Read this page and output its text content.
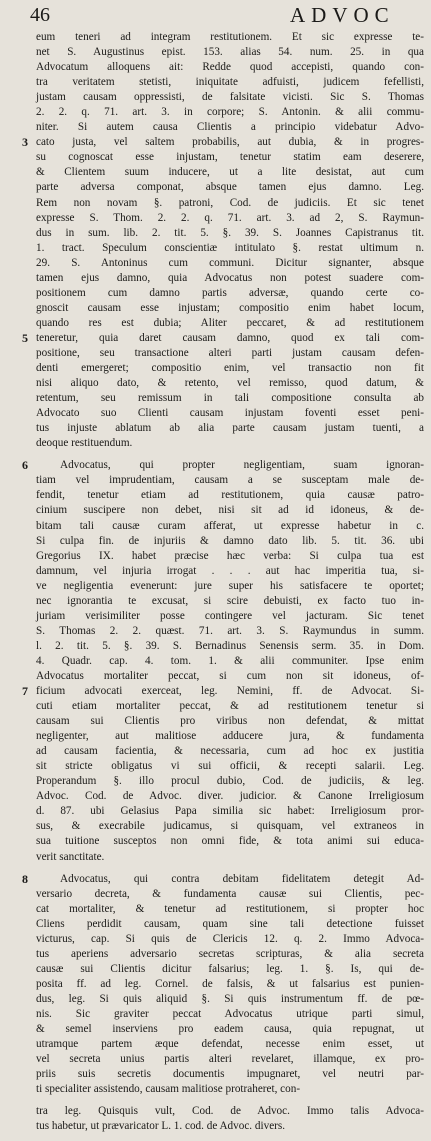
46	ADVOC
eum teneri ad integram restitutionem. Et sic expresse te-
net S. Augustinus epist. 153. alias 54. num. 25. in qua
Advocatum alloquens ait: Redde quod accepisti, quando con-
tra veritatem stetisti, iniquitate adfuisti, judicem fefellisti,
justam causam oppressisti, de falsitate vicisti. Sic S. Thomas
2. 2. q. 71. art. 3. in corpore; S. Antonin. & alii commu-
niter. Si autem causa Clientis a principio videbatur Advo-
3 cato justa, vel saltem probabilis, aut dubia, & in progres-
su cognoscat esse injustam, tenetur statim eam deserere,
& Clientem suum inducere, ut a lite desistat, aut cum
parte adversa componat, absque tamen ejus damno. Leg.
Rem non novam §. patroni, Cod. de judiciis. Et sic tenet
expresse S. Thom. 2. 2. q. 71. art. 3. ad 2, S. Raymun-
dus in sum. lib. 2. tit. 5. §. 39. S. Joannes Capistranus tit.
1. tract. Speculum conscientiæ intitulato §. restat ultimum n.
29. S. Antoninus cum communi. Dicitur signanter, absque
tamen ejus damno, quia Advocatus non potest suadere com-
positionem cum damno partis adversæ, quando certe co-
gnoscit causam esse injustam; compositio enim habet locum,
quando res est dubia; Aliter peccaret, & ad restitutionem
5 teneretur, quia daret causam damno, quod ex tali com-
positione, seu transactione alteri parti justam causam defen-
denti emergeret; compositio enim, vel transactio non fit
nisi aliquo dato, & retento, vel remisso, quod datum, &
retentum, seu remissum in tali compositione consulta ab
Advocato suo Clienti causam injustam foventi esset peni-
tus injuste ablatum ab alia parte causam justam tuenti, a
deoque restituendum.
6	Advocatus, qui propter negligentiam, suam ignoran-
tiam vel imprudentiam, causam a se susceptam male de-
fendit, tenetur etiam ad restitutionem, quia causæ patro-
cinium suscipere non debet, nisi sit ad id idoneus, & de-
bitam tali causæ curam afferat, ut expresse habetur in c.
Si culpa fin. de injuriis & damno dato lib. 5. tit. 36. ubi
Gregorius IX. habet præcise hæc verba: Si culpa tua est
damnum, vel injuria irrogat . . . aut hac imperitia tua, si-
ve negligentia evenerunt: jure super his satisfacere te oportet;
nec ignorantia te excusat, si scire debuisti, ex facto tuo in-
juriam verisimiliter posse contingere vel jacturam. Sic tenet
S. Thomas 2. 2. quæst. 71. art. 3. S. Raymundus in summ.
l. 2. tit. 5. §. 39. S. Bernadinus Senensis serm. 35. in Dom.
4. Quadr. cap. 4. tom. 1. & alii communiter. Ipse enim
Advocatus mortaliter peccat, si cum non sit idoneus, of-
7 ficium advocati exerceat, leg. Nemini, ff. de Advocat. Si-
cuti etiam mortaliter peccat, & ad restitutionem tenetur si
causam sui Clientis pro viribus non defendat, & mittat
negligenter, aut malitiose adducere jura, & fundamenta
ad causam facientia, & necessaria, cum ad hoc ex justitia
sit stricte obligatus vi sui officii, & recepti salarii. Leg.
Properandum §. illo procul dubio, Cod. de judiciis, & leg.
Advoc. Cod. de Advoc. diver. judicior. & Canone Irreligiosum
d. 87. ubi Gelasius Papa similia sic habet: Irreligiosum pror-
sus, & execrabile judicamus, si quisquam, vel extraneos in
sua tuitione susceptos non omni fide, & tota animi sui educa-
verit sanctitate.
8	Advocatus, qui contra debitam fidelitatem detegit Ad-
versario decreta, & fundamenta causæ sui Clientis, pec-
cat mortaliter, & tenetur ad restitutionem, si propter hoc
Cliens perdidit causam, quam sine tali detectione fuisset
victurus, cap. Si quis de Clericis 12. q. 2. Immo Advoca-
tus aperiens adversario secretas scripturas, & alia secreta
causæ sui Clientis dicitur falsarius; leg. 1. §. Is, qui de-
posita ff. ad leg. Cornel. de falsis, & ut falsarius est punien-
dus, leg. Si quis aliquid §. Si quis instrumentum ff. de pœ-
nis. Sic graviter peccat Advocatus utrique parti simul,
& semel inserviens pro eadem causa, quia repugnat, ut
utramque partem æque defendat, necesse enim esset, ut
vel secreta unius partis alteri revelaret, illamque, ex pro-
priis suis secretis documentis impugnaret, vel neutri par-
ti specialiter assistendo, causam malitiose protraheret, con-
tra leg. Quisquis vult, Cod. de Advoc. Immo talis Advoca-
tus habetur, ut prævaricator L. 1. cod. de Advoc. divers.
